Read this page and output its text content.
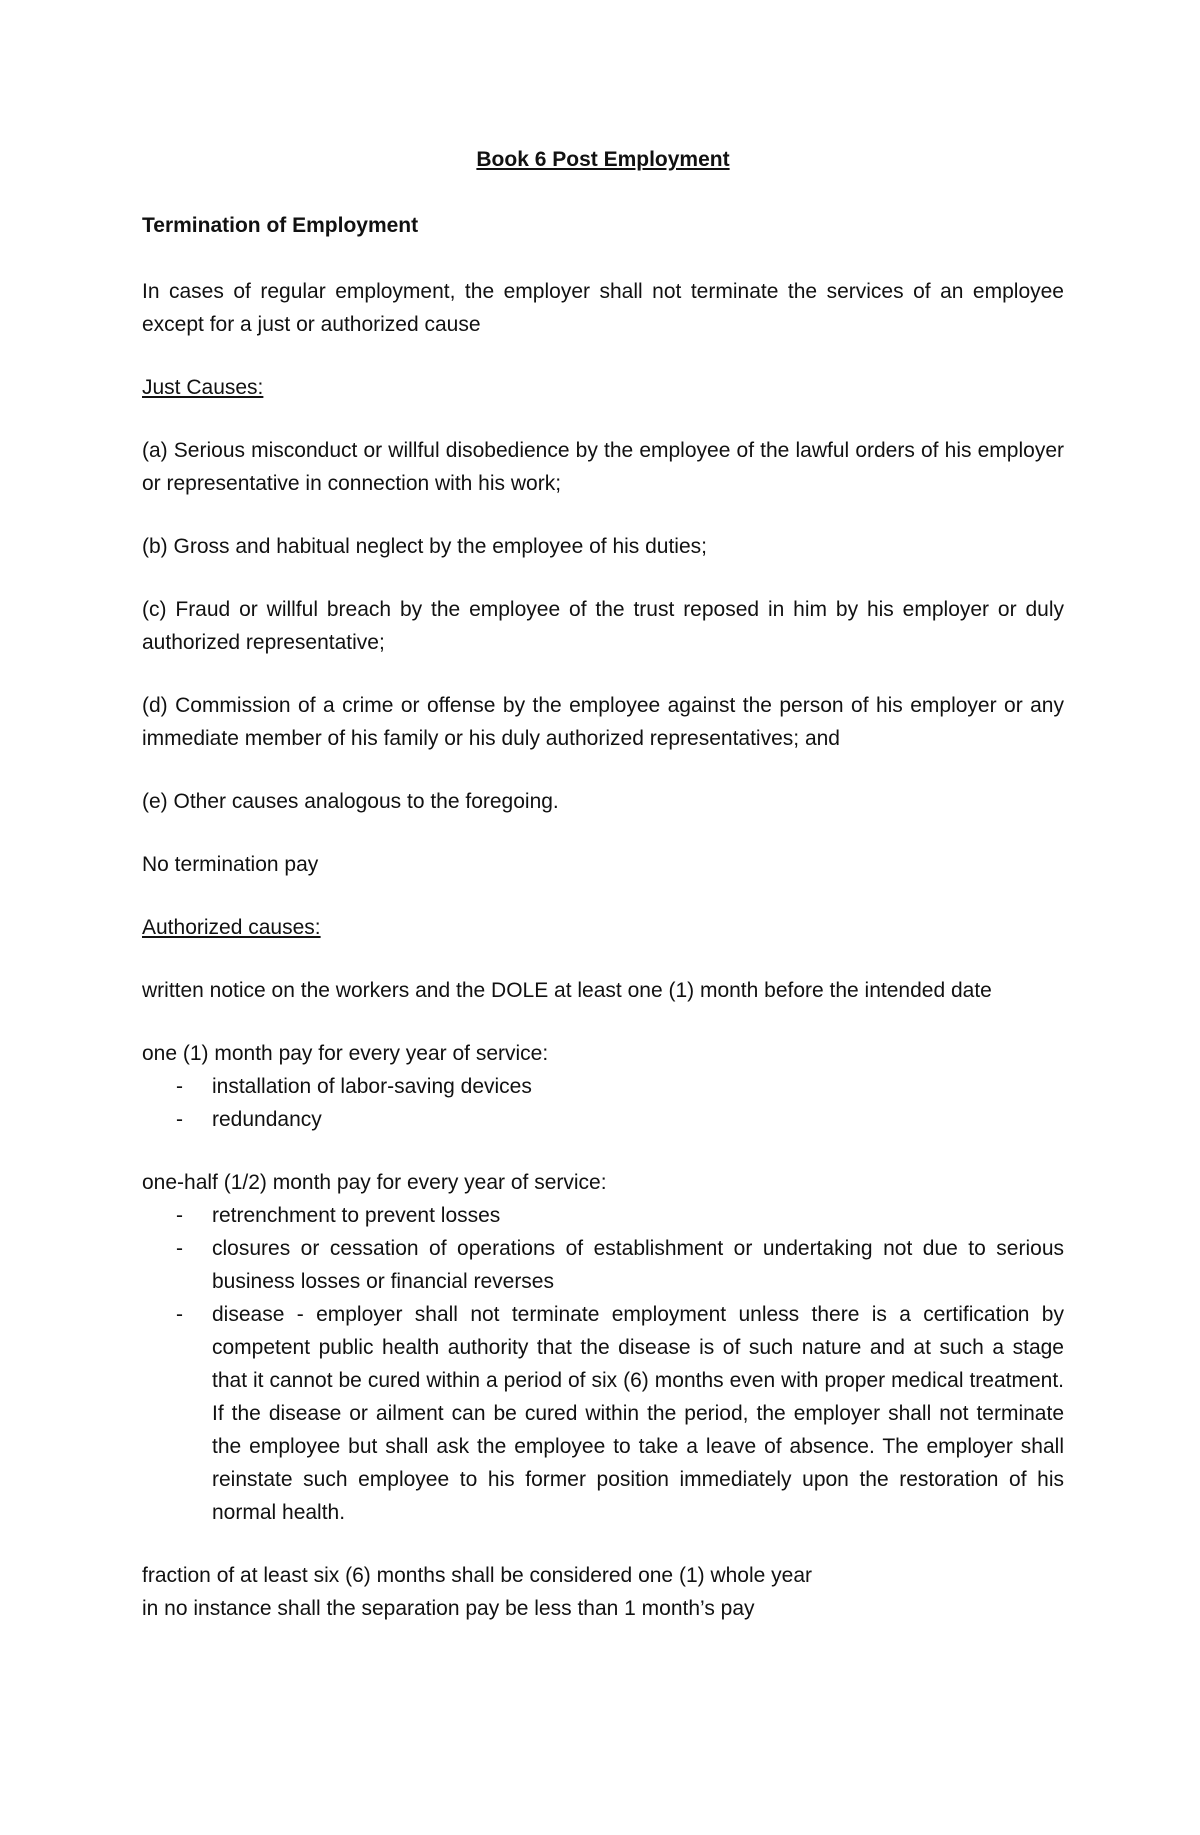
Book 6 Post Employment
Termination of Employment

In cases of regular employment, the employer shall not terminate the services of an employee except for a just or authorized cause

Just Causes:

(a) Serious misconduct or willful disobedience by the employee of the lawful orders of his employer or representative in connection with his work;

(b) Gross and habitual neglect by the employee of his duties;

(c) Fraud or willful breach by the employee of the trust reposed in him by his employer or duly authorized representative;

(d) Commission of a crime or offense by the employee against the person of his employer or any immediate member of his family or his duly authorized representatives; and

(e) Other causes analogous to the foregoing.

No termination pay

Authorized causes:

written notice on the workers and the DOLE at least one (1) month before the intended date

one (1) month pay for every year of service:

- installation of labor-saving devices
- redundancy

one-half (1/2) month pay for every year of service:

- retrenchment to prevent losses
- closures or cessation of operations of establishment or undertaking not due to serious business losses or financial reverses
- disease - employer shall not terminate employment unless there is a certification by competent public health authority that the disease is of such nature and at such a stage that it cannot be cured within a period of six (6) months even with proper medical treatment. If the disease or ailment can be cured within the period, the employer shall not terminate the employee but shall ask the employee to take a leave of absence. The employer shall reinstate such employee to his former position immediately upon the restoration of his normal health.

fraction of at least six (6) months shall be considered one (1) whole year

in no instance shall the separation pay be less than 1 month’s pay
